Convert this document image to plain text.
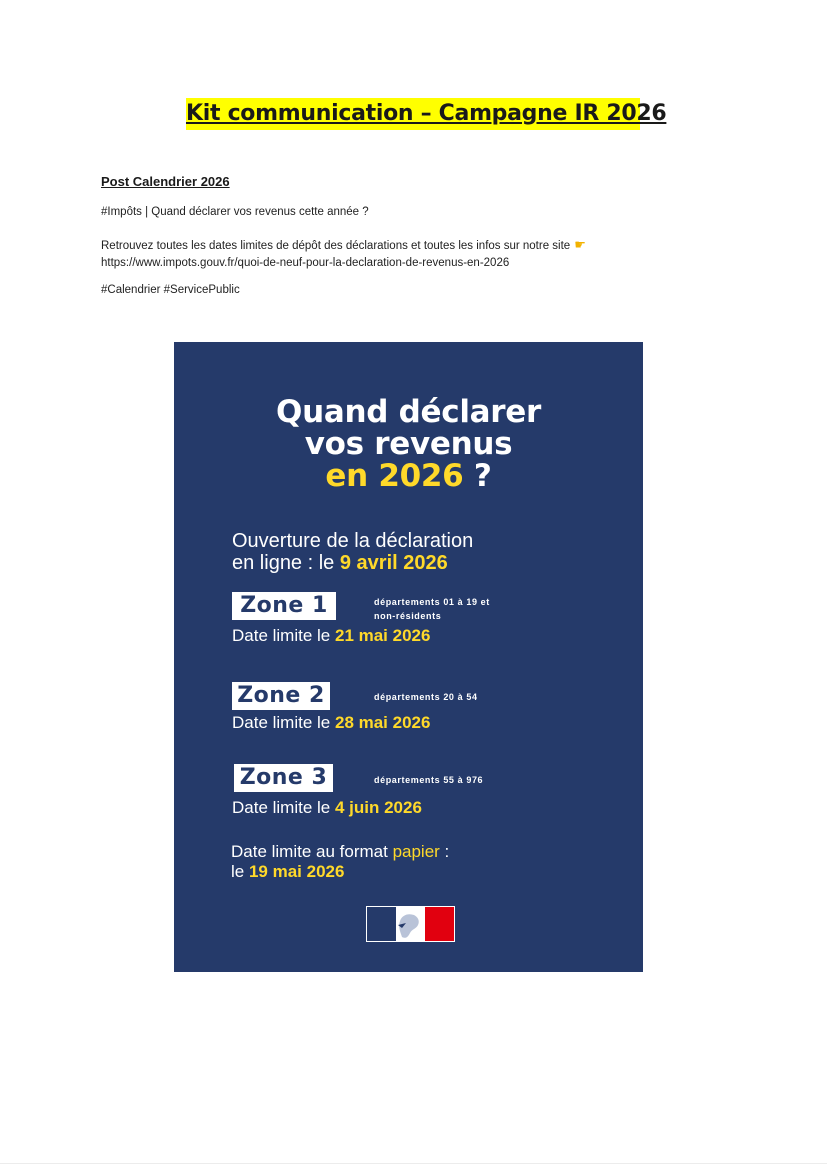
Kit communication – Campagne IR 2026
Post Calendrier 2026
#Impôts | Quand déclarer vos revenus cette année ?
Retrouvez toutes les dates limites de dépôt des déclarations et toutes les infos sur notre site ☛
https://www.impots.gouv.fr/quoi-de-neuf-pour-la-declaration-de-revenus-en-2026
#Calendrier #ServicePublic
Quand déclarer
vos revenus
en 2026 ?
Ouverture de la déclaration
en ligne : le 9 avril 2026
Zone 1	départements 01 à 19 et
non-résidents
Date limite le 21 mai 2026
Zone 2	départements 20 à 54
Date limite le 28 mai 2026
Zone 3	départements 55 à 976
Date limite le 4 juin 2026
Date limite au format papier :
le 19 mai 2026
